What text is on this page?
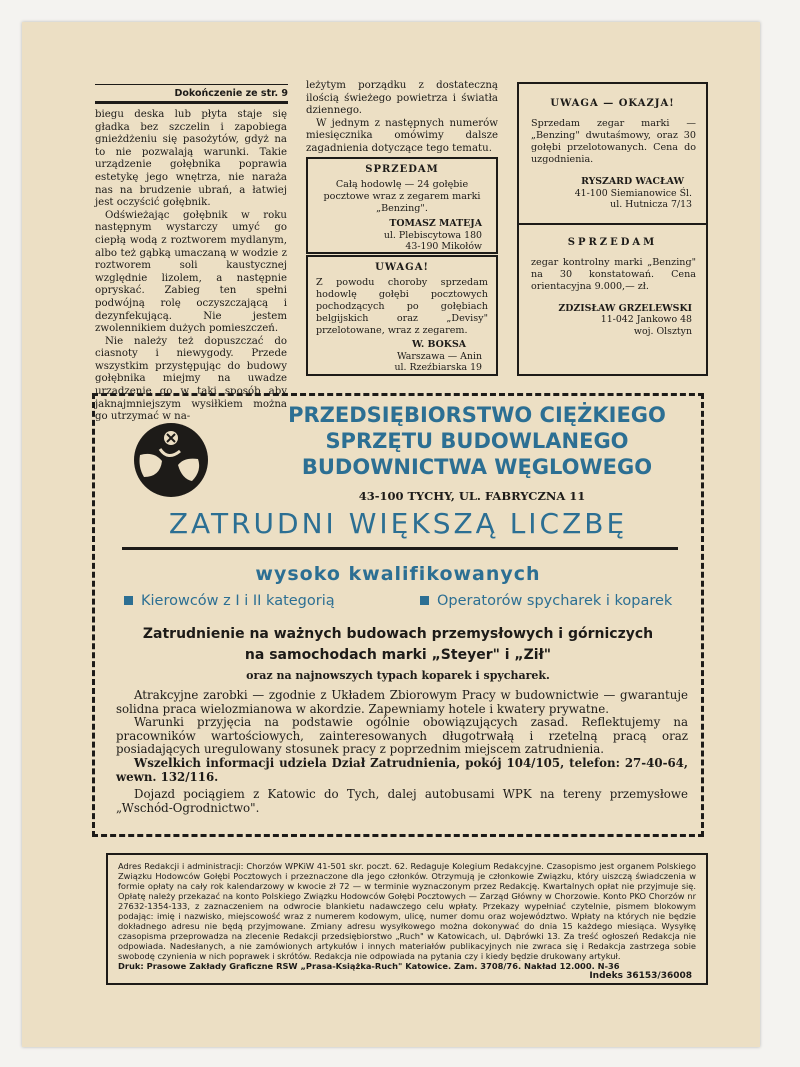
Dokończenie ze str. 9

biegu deska lub płyta staje się gładka bez szczelin i zapobiega gnieżdżeniu się pasożytów, gdyż na to nie pozwalają warunki. Takie urządzenie gołębnika poprawia estetykę jego wnętrza, nie naraża nas na brudzenie ubrań, a łatwiej jest oczyścić gołębnik.

Odświeżając gołębnik w roku następnym wystarczy umyć go ciepłą wodą z roztworem mydlanym, albo też gąbką umaczaną w wodzie z roztworem soli kaustycznej względnie lizolem, a następnie opryskać. Zabieg ten spełni podwójną rolę oczyszczającą i dezynfekującą. Nie jestem zwolennikiem dużych pomieszczeń.

Nie należy też dopuszczać do ciasnoty i niewygody. Przede wszystkim przystępując do budowy gołębnika miejmy na uwadze urządzenie go w taki sposób aby jaknajmniejszym wysiłkiem można go utrzymać w na-

leżytym porządku z dostateczną ilością świeżego powietrza i światła dziennego.

W jednym z następnych numerów miesięcznika omówimy dalsze zagadnienia dotyczące tego tematu.

SPRZEDAM
Całą hodowlę — 24 gołębie pocztowe wraz z zegarem marki „Benzing".
TOMASZ MATEJA
ul. Plebiscytowa 180
43-190 Mikołów
UWAGA!
Z powodu choroby sprzedam hodowlę gołębi pocztowych pochodzących po gołębiach belgijskich oraz „Devisy" przelotowane, wraz z zegarem.
W. BOKSA
Warszawa — Anin
ul. Rzeźbiarska 19
UWAGA — OKAZJA!
Sprzedam zegar marki — „Benzing" dwutaśmowy, oraz 30 gołębi przelotowanych. Cena do uzgodnienia.
RYSZARD WACŁAW
41-100 Siemianowice Śl.
ul. Hutnicza 7/13
SPRZEDAM
zegar kontrolny marki „Benzing" na 30 konstatowań. Cena orientacyjna 9.000,— zł.
ZDZISŁAW GRZELEWSKI
11-042 Jankowo 48
woj. Olsztyn
PRZEDSIĘBIORSTWO CIĘŻKIEGO
SPRZĘTU BUDOWLANEGO
BUDOWNICTWA WĘGLOWEGO
43-100 TYCHY, UL. FABRYCZNA 11
ZATRUDNI WIĘKSZĄ LICZBĘ
wysoko kwalifikowanych
Kierowców z I i II kategorią	Operatorów spycharek i koparek
Zatrudnienie na ważnych budowach przemysłowych i górniczych
na samochodach marki „Steyer" i „Ził"
oraz na najnowszych typach koparek i spycharek.

Atrakcyjne zarobki — zgodnie z Układem Zbiorowym Pracy w budownictwie — gwarantuje solidna praca wielozmianowa w akordzie. Zapewniamy hotele i kwatery prywatne.

Warunki przyjęcia na podstawie ogólnie obowiązujących zasad. Reflektujemy na pracowników wartościowych, zainteresowanych długotrwałą i rzetelną pracą oraz posiadających uregulowany stosunek pracy z poprzednim miejscem zatrudnienia.

Wszelkich informacji udziela Dział Zatrudnienia, pokój 104/105, telefon: 27-40-64, wewn. 132/116.

Dojazd pociągiem z Katowic do Tych, dalej autobusami WPK na tereny przemysłowe „Wschód-Ogrodnictwo".

Adres Redakcji i administracji: Chorzów WPKiW 41-501 skr. poczt. 62. Redaguje Kolegium Redakcyjne. Czasopismo jest organem Polskiego Związku Hodowców Gołębi Pocztowych i przeznaczone dla jego członków. Otrzymują je członkowie Związku, który uiszczą świadczenia w formie opłaty na cały rok kalendarzowy w kwocie zł 72 — w terminie wyznaczonym przez Redakcję. Kwartalnych opłat nie przyjmuje się. Opłatę należy przekazać na konto Polskiego Związku Hodowców Gołębi Pocztowych — Zarząd Główny w Chorzowie. Konto PKO Chorzów nr 27632-1354-133, z zaznaczeniem na odwrocie blankietu nadawczego celu wpłaty. Przekazy wypełniać czytelnie, pismem blokowym podając: imię i nazwisko, miejscowość wraz z numerem kodowym, ulicę, numer domu oraz województwo. Wpłaty na których nie będzie dokładnego adresu nie będą przyjmowane. Zmiany adresu wysyłkowego można dokonywać do dnia 15 każdego miesiąca. Wysyłkę czasopisma przeprowadza na zlecenie Redakcji przedsiębiorstwo „Ruch" w Katowicach, ul. Dąbrówki 13. Za treść ogłoszeń Redakcja nie odpowiada. Nadesłanych, a nie zamówionych artykułów i innych materiałów publikacyjnych nie zwraca się i Redakcja zastrzega sobie swobodę czynienia w nich poprawek i skrótów. Redakcja nie odpowiada na pytania czy i kiedy będzie drukowany artykuł.
Druk: Prasowe Zakłady Graficzne RSW „Prasa-Książka-Ruch" Katowice. Zam. 3708/76. Nakład 12.000. N-36
Indeks 36153/36008
